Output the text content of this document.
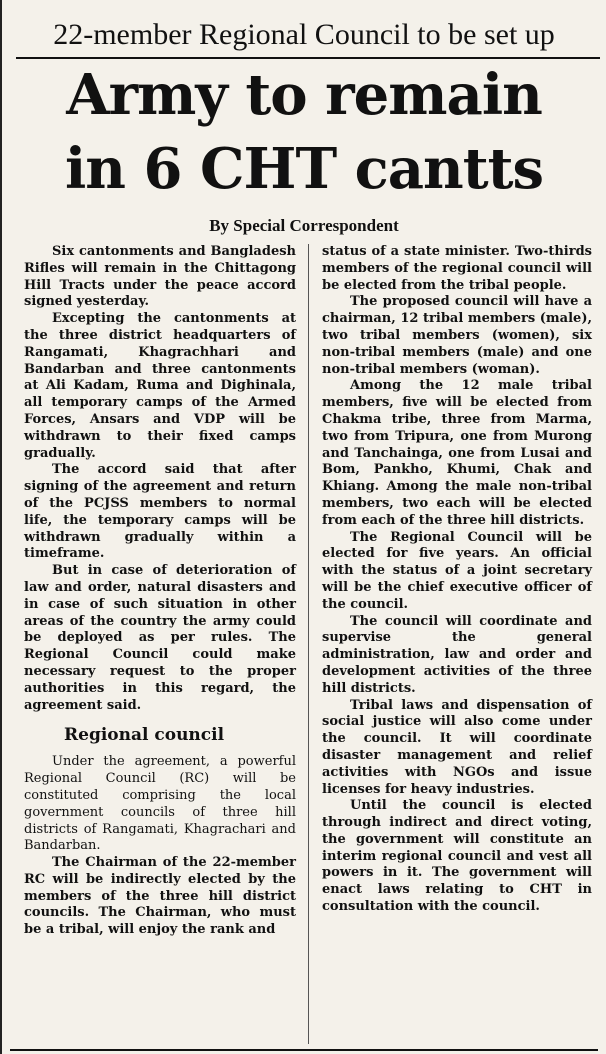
22-member Regional Council to be set up
Army to remain
in 6 CHT cantts
By Special Correspondent

Six cantonments and Bangladesh Rifles will remain in the Chittagong Hill Tracts under the peace accord signed yesterday.

Excepting the cantonments at the three district headquarters of Rangamati, Khagrachhari and Bandarban and three cantonments at Ali Kadam, Ruma and Dighinala, all temporary camps of the Armed Forces, Ansars and VDP will be withdrawn to their fixed camps gradually.

The accord said that after signing of the agreement and return of the PCJSS members to normal life, the temporary camps will be withdrawn gradually within a timeframe.

But in case of deterioration of law and order, natural disasters and in case of such situation in other areas of the country the army could be deployed as per rules. The Regional Council could make necessary request to the proper authorities in this regard, the agreement said.

Regional council

Under the agreement, a powerful Regional Council (RC) will be constituted comprising the local government councils of three hill districts of Rangamati, Khagrachari and Bandarban.

The Chairman of the 22-member RC will be indirectly elected by the members of the three hill district councils. The Chairman, who must be a tribal, will enjoy the rank and

status of a state minister. Two-thirds members of the regional council will be elected from the tribal people.

The proposed council will have a chairman, 12 tribal members (male), two tribal members (women), six non-tribal members (male) and one non-tribal members (woman).

Among the 12 male tribal members, five will be elected from Chakma tribe, three from Marma, two from Tripura, one from Murong and Tanchainga, one from Lusai and Bom, Pankho, Khumi, Chak and Khiang. Among the male non-tribal members, two each will be elected from each of the three hill districts.

The Regional Council will be elected for five years. An official with the status of a joint secretary will be the chief executive officer of the council.

The council will coordinate and supervise the general administration, law and order and development activities of the three hill districts.

Tribal laws and dispensation of social justice will also come under the council. It will coordinate disaster management and relief activities with NGOs and issue licenses for heavy industries.

Until the council is elected through indirect and direct voting, the government will constitute an interim regional council and vest all powers in it. The government will enact laws relating to CHT in consultation with the council.
